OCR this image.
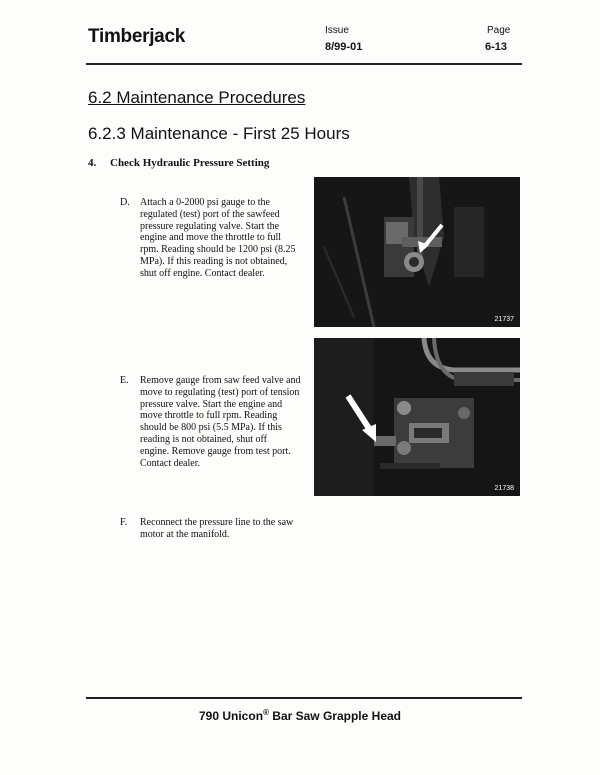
Timberjack	Issue
8/99-01
Page
6-13
6.2 Maintenance Procedures
6.2.3 Maintenance - First 25 Hours
4. Check Hydraulic Pressure Setting
D. Attach a 0-2000 psi gauge to the
regulated (test) port of the sawfeed
pressure regulating valve. Start the
engine and move the throttle to full
rpm. Reading should be 1200 psi (8.25
MPa). If this reading is not obtained,
shut off engine. Contact dealer.
E. Remove gauge from saw feed valve and
move to regulating (test) port of tension
pressure valve. Start the engine and
move throttle to full rpm. Reading
should be 800 psi (5.5 MPa). If this
reading is not obtained, shut off
engine. Remove gauge from test port.
Contact dealer.
F. Reconnect the pressure line to the saw
motor at the manifold.
21737
21738
790 Unicon® Bar Saw Grapple Head
